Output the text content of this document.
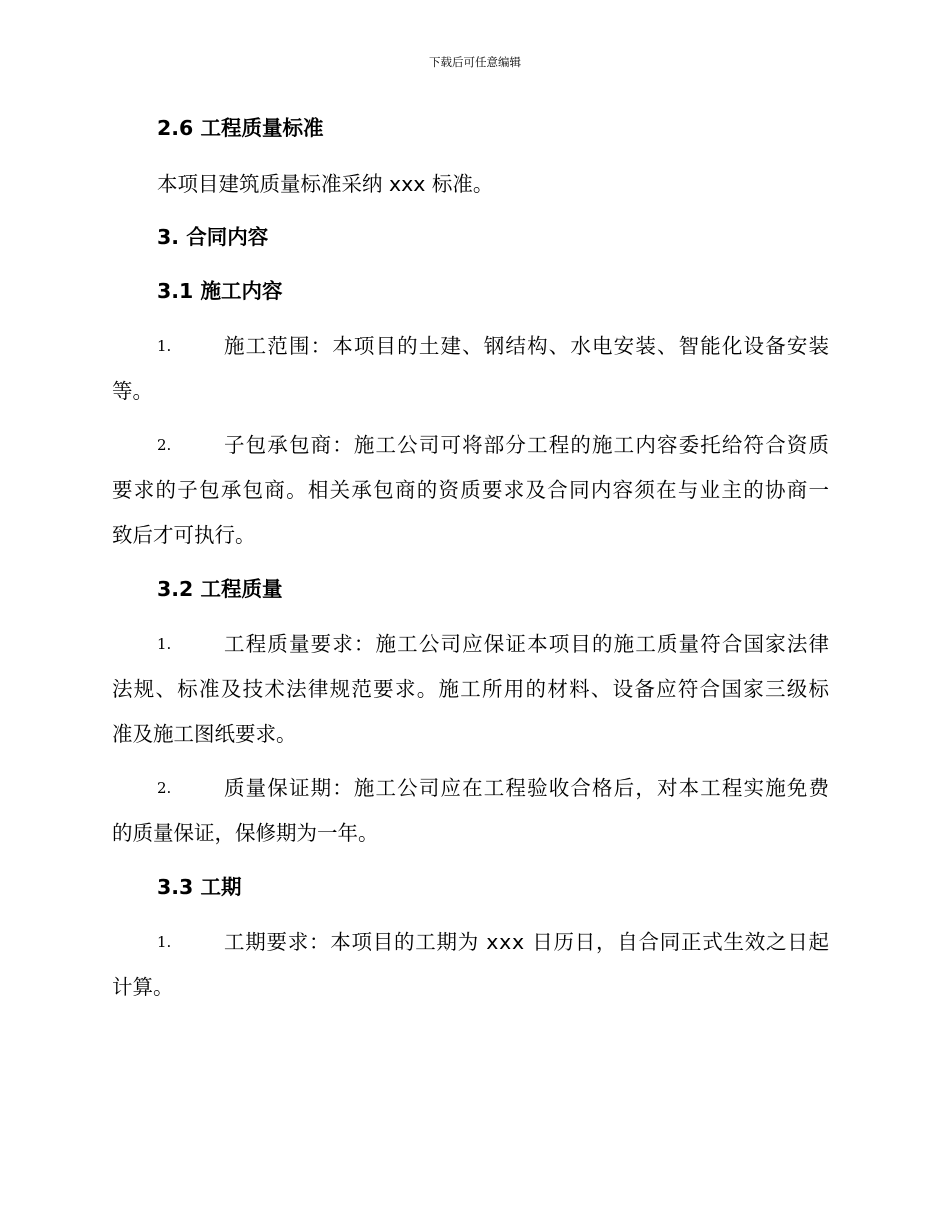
下载后可任意编辑
2.6 工程质量标准
本项目建筑质量标准采纳 xxx 标准。
3. 合同内容
3.1 施工内容
1.	施工范围：本项目的土建、钢结构、水电安装、智能化设备安装
等。
2.	子包承包商：施工公司可将部分工程的施工内容委托给符合资质
要求的子包承包商。相关承包商的资质要求及合同内容须在与业主的协商一
致后才可执行。
3.2 工程质量
1.	工程质量要求：施工公司应保证本项目的施工质量符合国家法律
法规、标准及技术法律规范要求。施工所用的材料、设备应符合国家三级标
准及施工图纸要求。
2.	质量保证期：施工公司应在工程验收合格后，对本工程实施免费
的质量保证，保修期为一年。
3.3 工期
1.	工期要求：本项目的工期为 xxx 日历日，自合同正式生效之日起
计算。
